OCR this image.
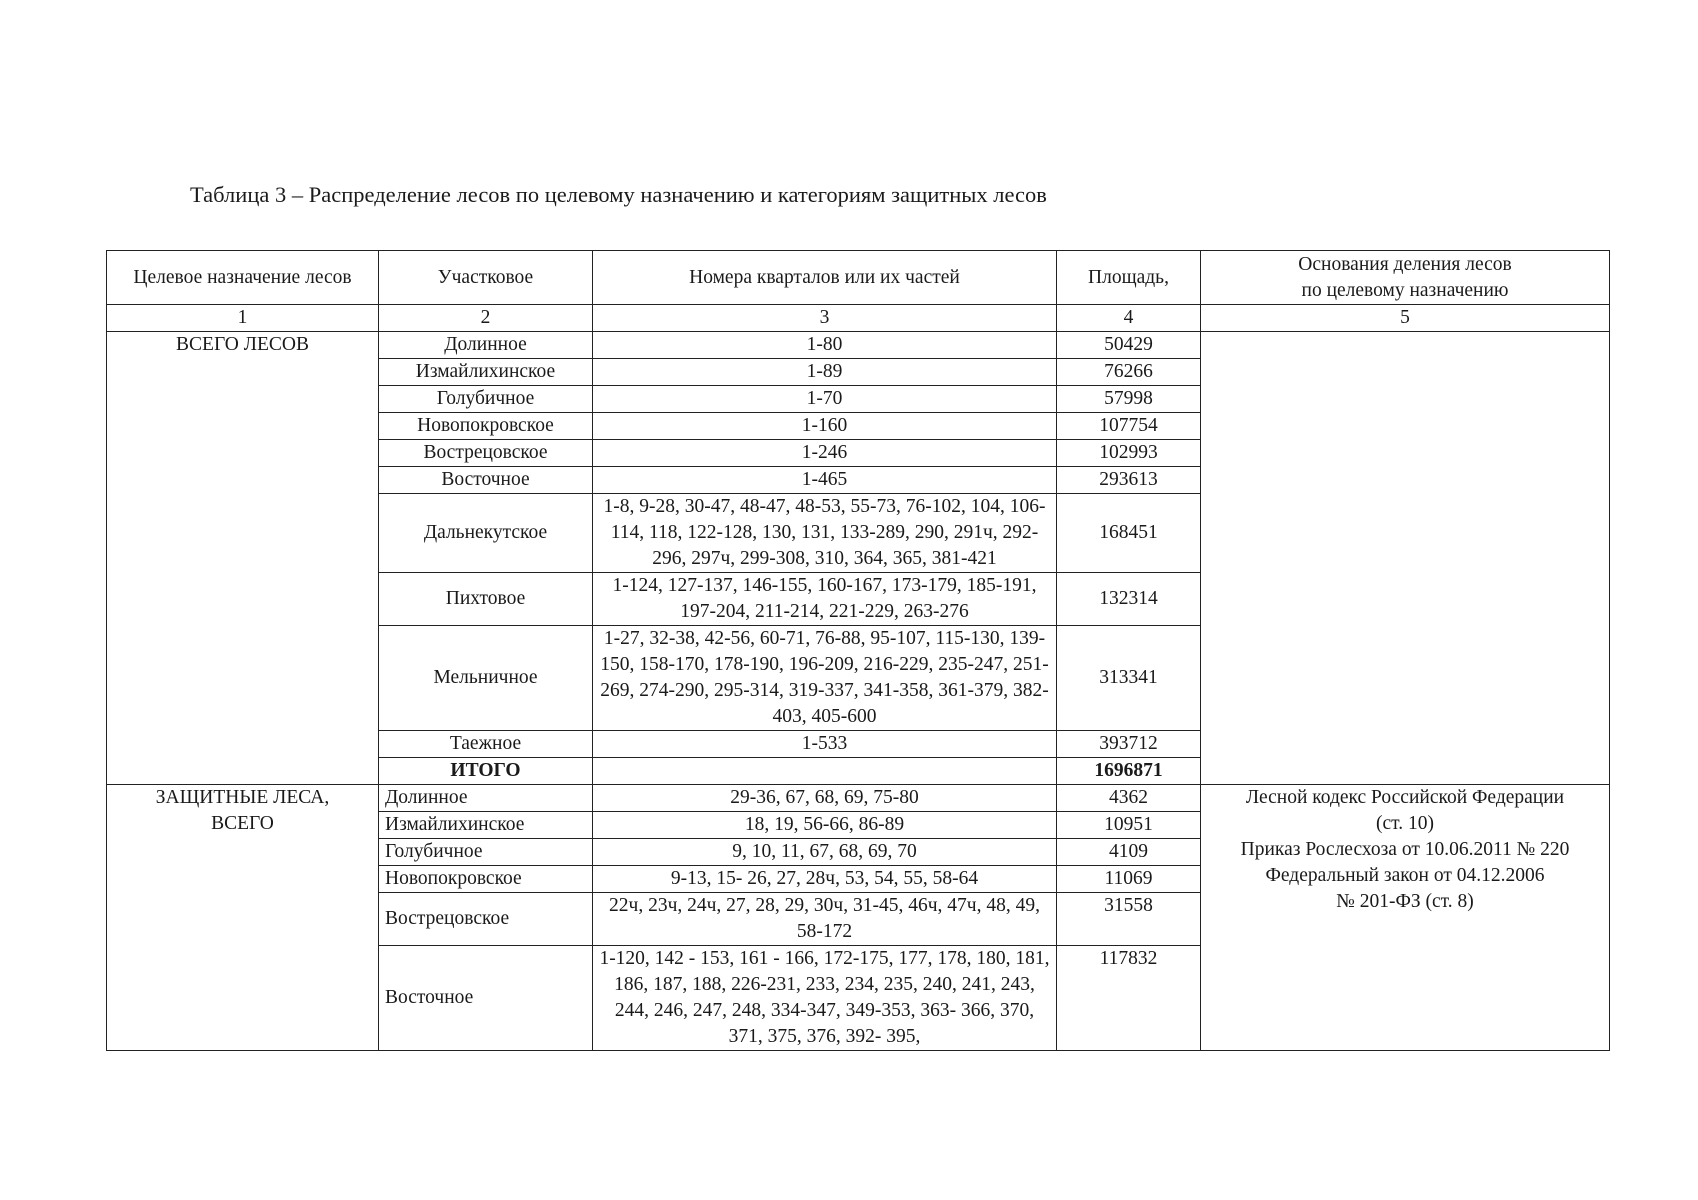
Таблица 3 – Распределение лесов по целевому назначению и категориям защитных лесов
Целевое назначение лесов	Участковое	Номера кварталов или их частей	Площадь,	Основания деления лесов
по целевому назначению

1	2	3	4	5
ВСЕГО ЛЕСОВ	Долинное	1-80	50429	
	Измайлихинское	1-89	76266	
	Голубичное	1-70	57998	
	Новопокровское	1-160	107754	
	Вострецовское	1-246	102993	
	Восточное	1-465	293613	
	Дальнекутское	1-8, 9-28, 30-47, 48-47, 48-53, 55-73, 76-102, 104, 106-114, 118, 122-128, 130, 131, 133-289, 290, 291ч, 292-296, 297ч, 299-308, 310, 364, 365, 381-421	168451	
	Пихтовое	1-124, 127-137, 146-155, 160-167, 173-179, 185-191, 197-204, 211-214, 221-229, 263-276	132314	
	Мельничное	1-27, 32-38, 42-56, 60-71, 76-88, 95-107, 115-130, 139-150, 158-170, 178-190, 196-209, 216-229, 235-247, 251-269, 274-290, 295-314, 319-337, 341-358, 361-379, 382-403, 405-600	313341	
	Таежное	1-533	393712	
	ИТОГО		1696871	

ЗАЩИТНЫЕ ЛЕСА,
ВСЕГО	Долинное	29-36, 67, 68, 69, 75-80	4362	Лесной кодекс Российской Федерации
(ст. 10)
Приказ Рослесхоза от 10.06.2011 № 220
Федеральный закон от 04.12.2006
№ 201-ФЗ (ст. 8)

	Измайлихинское	18, 19, 56-66, 86-89	10951	
	Голубичное	9, 10, 11, 67, 68, 69, 70	4109	
	Новопокровское	9-13, 15- 26, 27, 28ч, 53, 54, 55, 58-64	11069	
	Вострецовское	22ч, 23ч, 24ч, 27, 28, 29, 30ч, 31-45, 46ч, 47ч, 48, 49, 58-172	31558	
	Восточное	1-120, 142 - 153, 161 - 166, 172-175, 177, 178, 180, 181, 186, 187, 188, 226-231, 233, 234, 235, 240, 241, 243, 244, 246, 247, 248, 334-347, 349-353, 363- 366, 370, 371, 375, 376, 392- 395,	117832	
